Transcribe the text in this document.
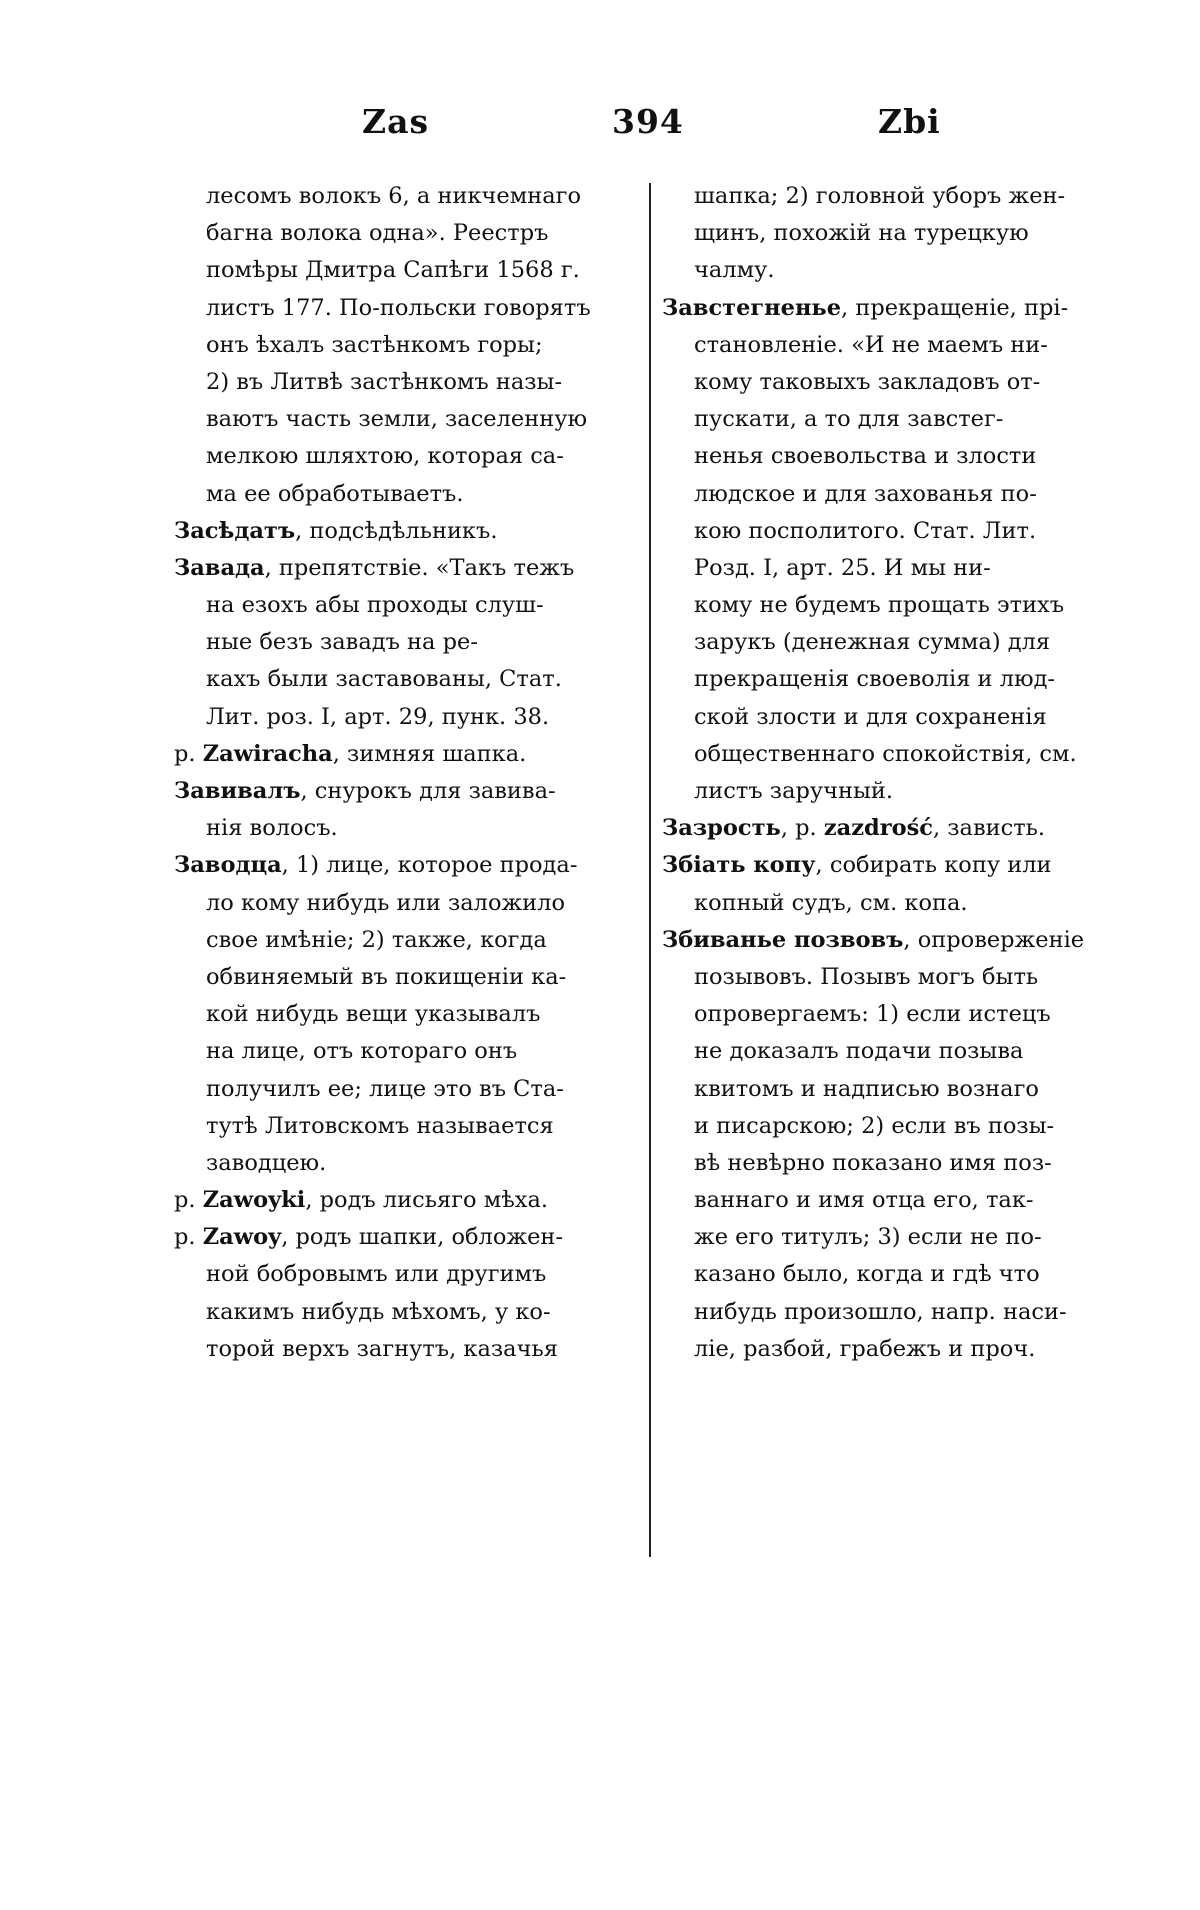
Zas	394	Zbi
лесомъ волокъ 6, а никчемнаго
багна волока одна». Реестръ
помѣры Дмитра Сапѣги 1568 г.
листъ 177. По-польски говорятъ
онъ ѣхалъ застѣнкомъ горы;
2) въ Литвѣ застѣнкомъ назы-
ваютъ часть земли, заселенную
мелкою шляхтою, которая са-
ма ее обработываетъ.
Засѣдатъ, подсѣдѣльникъ.
Завада, препятствіе. «Такъ тежъ
на езохъ абы проходы слуш-
ные безъ завадъ на ре-
кахъ были заставованы, Стат.
Лит. роз. I, арт. 29, пунк. 38.
р. Zawiracha, зимняя шапка.
Завивалъ, снурокъ для завива-
нія волосъ.
Заводца, 1) лице, которое прода-
ло кому нибудь или заложило
свое имѣніе; 2) также, когда
обвиняемый въ покищеніи ка-
кой нибудь вещи указывалъ
на лице, отъ котораго онъ
получилъ ее; лице это въ Ста-
тутѣ Литовскомъ называется
заводцею.
р. Zawoyki, родъ лисьяго мѣха.
р. Zawoy, родъ шапки, обложен-
ной бобровымъ или другимъ
какимъ нибудь мѣхомъ, у ко-
торой верхъ загнутъ, казачья
шапка; 2) головной уборъ жен-
щинъ, похожій на турецкую
чалму.
Завстегненье, прекращеніе, прі-
становленіе. «И не маемъ ни-
кому таковыхъ закладовъ от-
пускати, а то для завстег-
ненья своевольства и злости
людское и для захованья по-
кою посполитого. Стат. Лит.
Розд. I, арт. 25. И мы ни-
кому не будемъ прощать этихъ
зарукъ (денежная сумма) для
прекращенія своеволія и люд-
ской злости и для сохраненія
общественнаго спокойствія, см.
листъ заручный.
Зазрость, р. zazdrość, зависть.
Збіать копу, собирать копу или
копный судъ, см. копа.
Збиванье позвовъ, опроверженіе
позывовъ. Позывъ могъ быть
опровергаемъ: 1) если истецъ
не доказалъ подачи позыва
квитомъ и надписью вознаго
и писарскою; 2) если въ позы-
вѣ невѣрно показано имя поз-
ваннаго и имя отца его, так-
же его титулъ; 3) если не по-
казано было, когда и гдѣ что
нибудь произошло, напр. наси-
ліе, разбой, грабежъ и проч.
